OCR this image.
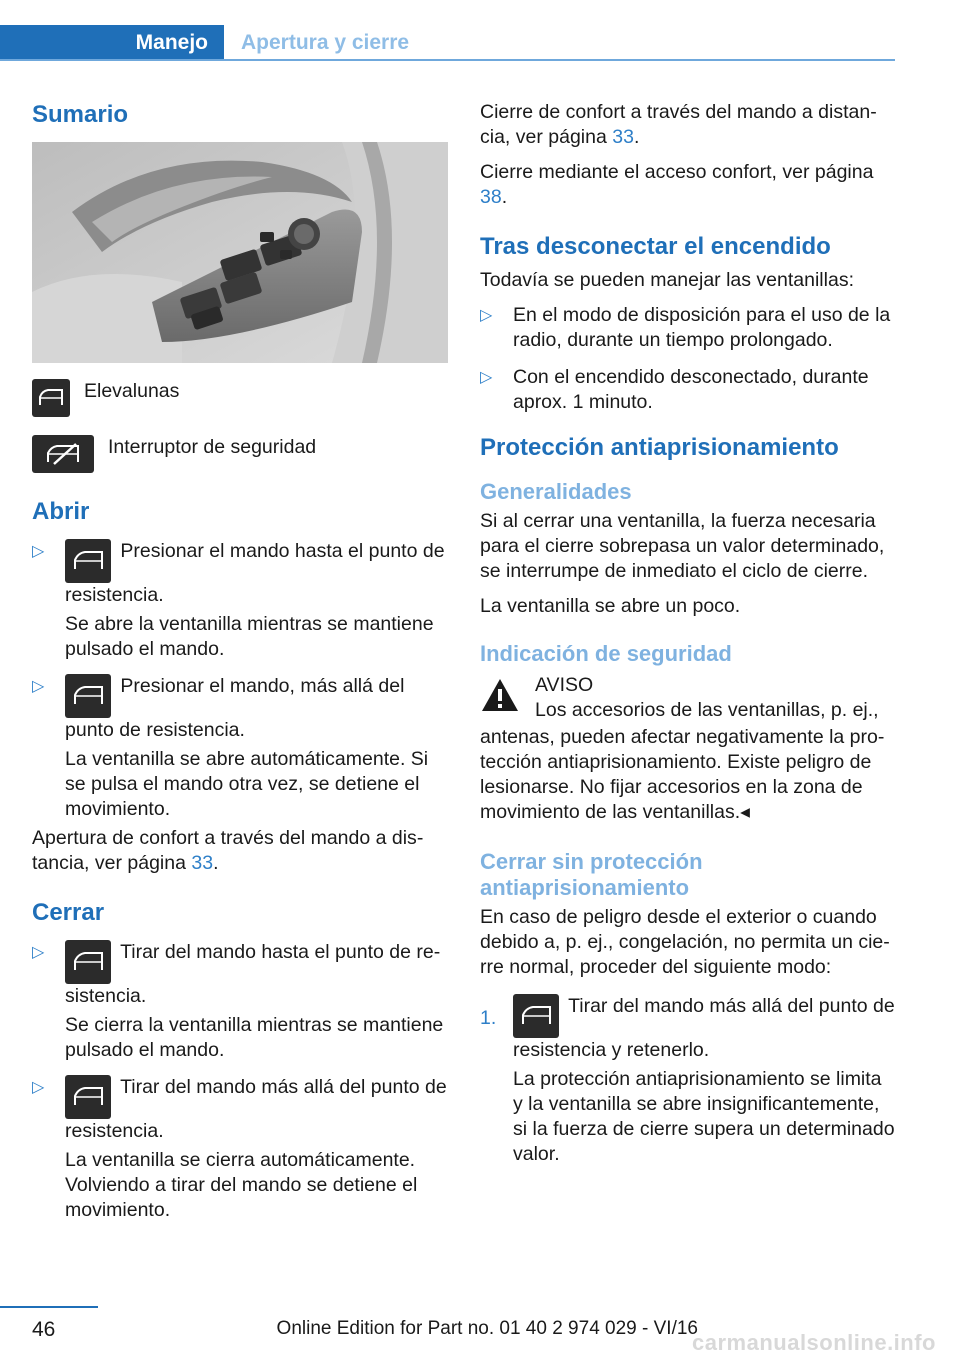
Manejo	Apertura y cierre
Sumario
Elevalunas
Interruptor de seguridad
Abrir
▷	Presionar el mando hasta el punto de resistencia.

Se abre la ventanilla mientras se mantiene pulsado el mando.

▷	Presionar el mando, más allá del punto de resistencia.

La ventanilla se abre automáticamente. Si se pulsa el mando otra vez, se detiene el movimiento.

Apertura de confort a través del mando a distancia, ver página 33.

Cerrar
▷	Tirar del mando hasta el punto de resistencia.

Se cierra la ventanilla mientras se mantiene pulsado el mando.

▷	Tirar del mando más allá del punto de resistencia.

La ventanilla se cierra automáticamente. Volviendo a tirar del mando se detiene el movimiento.

Cierre de confort a través del mando a distancia, ver página 33.

Cierre mediante el acceso confort, ver página 38.

Tras desconectar el encendido

Todavía se pueden manejar las ventanillas:

▷ En el modo de disposición para el uso de la radio, durante un tiempo prolongado.
▷ Con el encendido desconectado, durante aprox. 1 minuto.
Protección antiaprisionamiento
Generalidades

Si al cerrar una ventanilla, la fuerza necesaria para el cierre sobrepasa un valor determinado, se interrumpe de inmediato el ciclo de cierre.

La ventanilla se abre un poco.

Indicación de seguridad
AVISO
Los accesorios de las ventanillas, p. ej.,
antenas, pueden afectar negativamente la protección antiaprisionamiento. Existe peligro de lesionarse. No fijar accesorios en la zona de movimiento de las ventanillas.◂
Cerrar sin protección antiaprisionamiento

En caso de peligro desde el exterior o cuando debido a, p. ej., congelación, no permita un cierre normal, proceder del siguiente modo:

1.

Tirar del mando más allá del punto de resistencia y retenerlo.

La protección antiaprisionamiento se limita y la ventanilla se abre insignificantemente, si la fuerza de cierre supera un determinado valor.

46	Online Edition for Part no. 01 40 2 974 029 - VI/16
carmanualsonline.info
